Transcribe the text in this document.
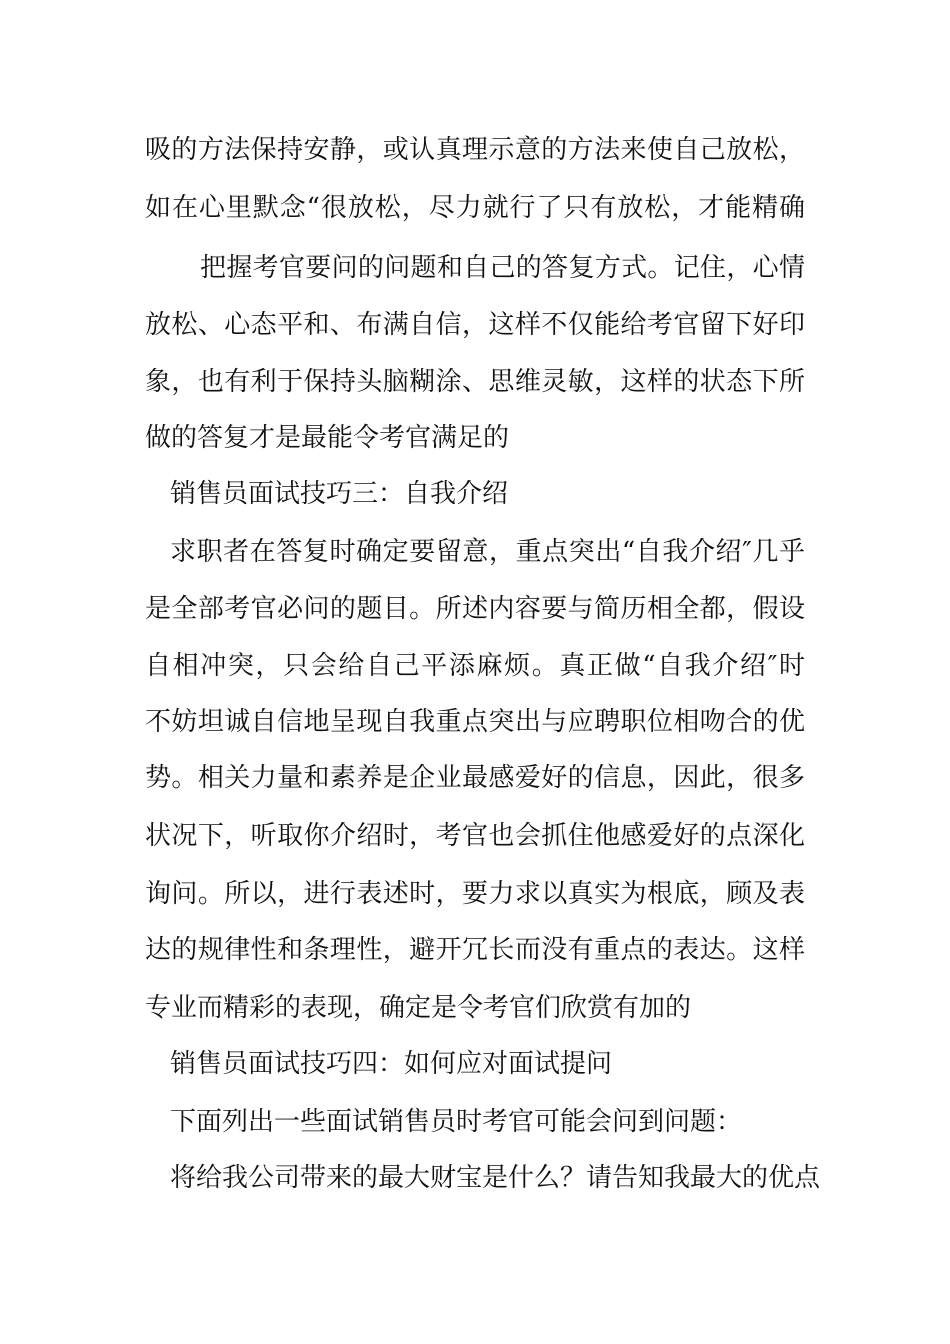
吸的方法保持安静，或认真理示意的方法来使自己放松，
如在心里默念“很放松，尽力就行了只有放松，才能精确
把握考官要问的问题和自己的答复方式。记住，心情
放松、心态平和、布满自信，这样不仅能给考官留下好印
象，也有利于保持头脑糊涂、思维灵敏，这样的状态下所
做的答复才是最能令考官满足的
销售员面试技巧三：自我介绍
求职者在答复时确定要留意，重点突出“自我介绍″几乎
是全部考官必问的题目。所述内容要与简历相全都，假设
自相冲突，只会给自己平添麻烦。真正做“自我介绍″时
不妨坦诚自信地呈现自我重点突出与应聘职位相吻合的优
势。相关力量和素养是企业最感爱好的信息，因此，很多
状况下，听取你介绍时，考官也会抓住他感爱好的点深化
询问。所以，进行表述时，要力求以真实为根底，顾及表
达的规律性和条理性，避开冗长而没有重点的表达。这样
专业而精彩的表现，确定是令考官们欣赏有加的
销售员面试技巧四：如何应对面试提问
下面列出一些面试销售员时考官可能会问到问题：
将给我公司带来的最大财宝是什么？请告知我最大的优点
